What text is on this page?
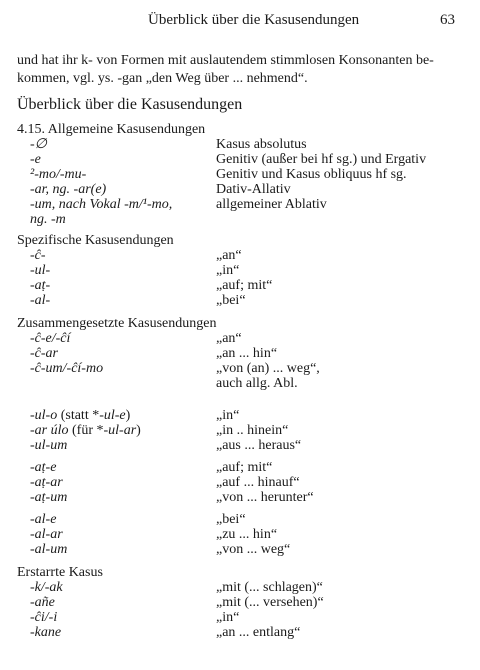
Überblick über die Kasusendungen	63
und hat ihr k- von Formen mit auslautendem stimmlosen Konsonanten be-
kommen, vgl. ys. -gan „den Weg über ... nehmend“.
Überblick über die Kasusendungen
4.15. Allgemeine Kasusendungen
-∅	Kasus absolutus
-e	Genitiv (außer bei hf sg.) und Ergativ
²-mo/-mu-	Genitiv und Kasus obliquus hf sg.
-ar, ng. -ar(e)	Dativ-Allativ
-um, nach Vokal -m/¹-mo,	allgemeiner Ablativ
ng. -m
Spezifische Kasusendungen
-ĉ-	„an“
-ul-	„in“
-aṭ-	„auf; mit“
-al-	„bei“
Zusammengesetzte Kasusendungen
-ĉ-e/-ĉí	„an“
-ĉ-ar	„an ... hin“
-ĉ-um/-ĉí-mo	„von (an) ... weg“,
auch allg. Abl.
-ul-o (statt *-ul-e)	„in“
-ar úlo (für *-ul-ar)	„in .. hinein“
-ul-um	„aus ... heraus“
-aṭ-e	„auf; mit“
-aṭ-ar	„auf ... hinauf“
-aṭ-um	„von ... herunter“
-al-e	„bei“
-al-ar	„zu ... hin“
-al-um	„von ... weg“
Erstarrte Kasus
-k/-ak	„mit (... schlagen)“
-añe	„mit (... versehen)“
-ĉi/-i	„in“
-kane	„an ... entlang“
